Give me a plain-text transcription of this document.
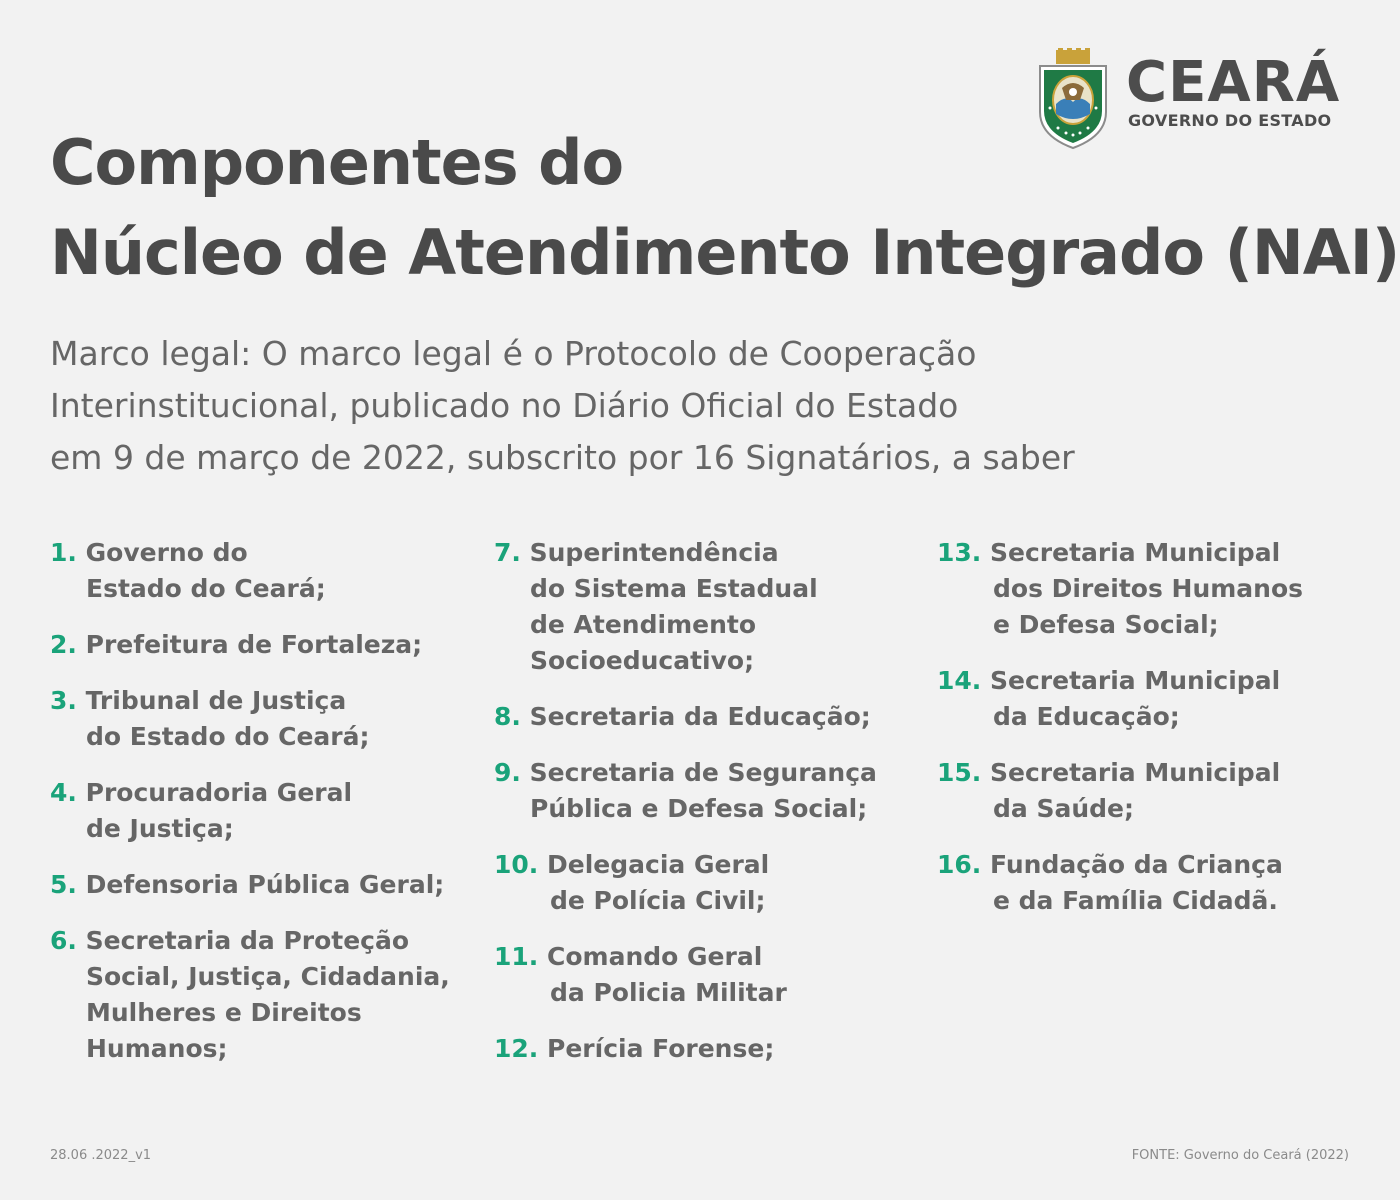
CEARÁ
GOVERNO DO ESTADO
Componentes do
Núcleo de Atendimento Integrado (NAI)
Marco legal: O marco legal é o Protocolo de Cooperação
Interinstitucional, publicado no Diário Oficial do Estado
em 9 de março de 2022, subscrito por 16 Signatários, a saber
1. Governo do
Estado do Ceará;
2. Prefeitura de Fortaleza;
3. Tribunal de Justiça
do Estado do Ceará;
4. Procuradoria Geral
de Justiça;
5. Defensoria Pública Geral;
6. Secretaria da Proteção
Social, Justiça, Cidadania,
Mulheres e Direitos
Humanos;
7. Superintendência
do Sistema Estadual
de Atendimento
Socioeducativo;
8. Secretaria da Educação;
9. Secretaria de Segurança
Pública e Defesa Social;
10. Delegacia Geral
de Polícia Civil;
11. Comando Geral
da Policia Militar
12. Perícia Forense;
13. Secretaria Municipal
dos Direitos Humanos
e Defesa Social;
14. Secretaria Municipal
da Educação;
15. Secretaria Municipal
da Saúde;
16. Fundação da Criança
e da Família Cidadã.
28.06 .2022_v1	FONTE: Governo do Ceará (2022)
